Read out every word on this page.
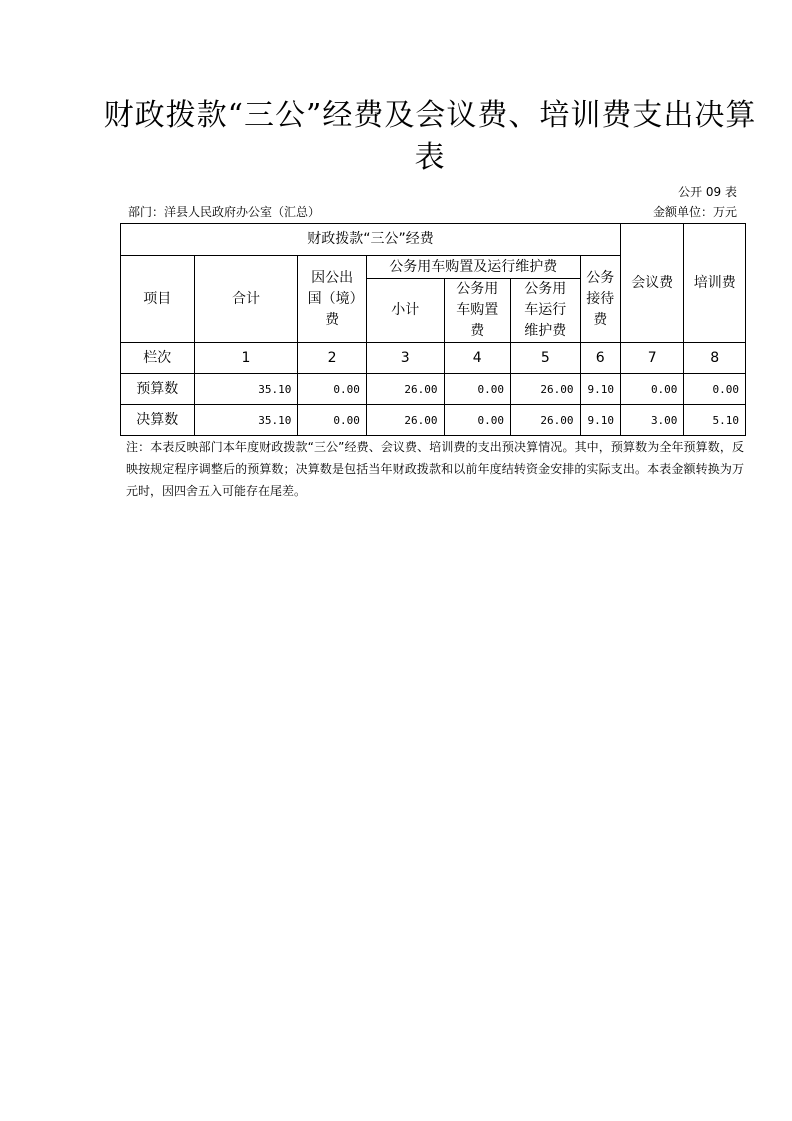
财政拨款“三公”经费及会议费、培训费支出决算表
公开 09 表
部门：洋县人民政府办公室（汇总）	金额单位：万元
财政拨款“三公”经费							会议费	培训费
项目	合计	因公出国（境）费	公务用车购置及运行维护费			公务接待费		
			小计	公务用车购置费	公务用车运行维护费			
栏次	1	2	3	4	5	6	7	8
预算数	35.10	0.00	26.00	0.00	26.00	9.10	0.00	0.00
决算数	35.10	0.00	26.00	0.00	26.00	9.10	3.00	5.10
注：本表反映部门本年度财政拨款“三公”经费、会议费、培训费的支出预决算情况。其中，预算数为全年预算数，反映按规定程序调整后的预算数；决算数是包括当年财政拨款和以前年度结转资金安排的实际支出。本表金额转换为万元时，因四舍五入可能存在尾差。
